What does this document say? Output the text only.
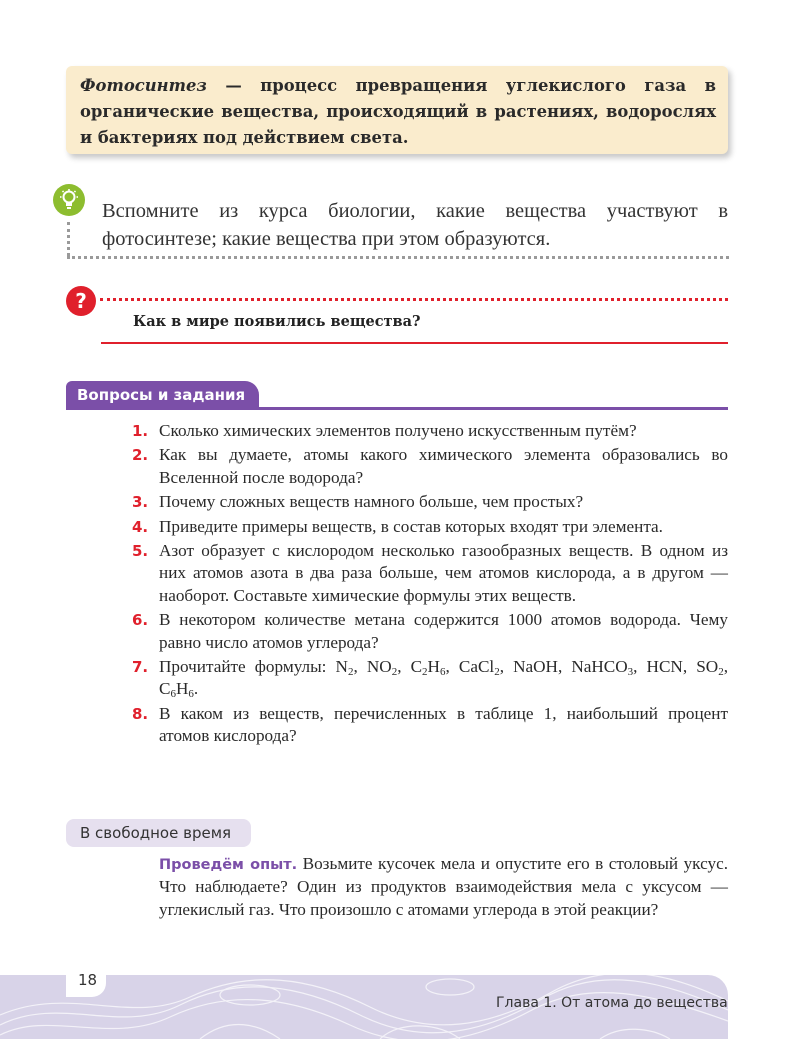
Фотосинтез — процесс превращения углекислого газа в органические вещества, происходящий в растениях, водорослях и бактериях под действием света.
Вспомните из курса биологии, какие вещества участвуют в фотосинтезе; какие вещества при этом образуются.
?
Как в мире появились вещества?
Вопросы и задания
1. Сколько химических элементов получено искусственным путём?
2. Как вы думаете, атомы какого химического элемента образовались во Вселенной после водорода?
3. Почему сложных веществ намного больше, чем простых?
4. Приведите примеры веществ, в состав которых входят три элемента.
5. Азот образует с кислородом несколько газообразных веществ. В одном из них атомов азота в два раза больше, чем атомов кислорода, а в другом — наоборот. Составьте химические формулы этих веществ.
6. В некотором количестве метана содержится 1000 атомов водорода. Чему равно число атомов углерода?
7. Прочитайте формулы: $N_2$, $NO_2$, $C_2H_6$, CaCl$_2$, NaOH, NaHCO$_3$, HCN, $SO_2$, $C_6H_6$.
8. В каком из веществ, перечисленных в таблице 1, наибольший процент атомов кислорода?
В свободное время
Проведём опыт. Возьмите кусочек мела и опустите его в столовый уксус. Что наблюдаете? Один из продуктов взаимодействия мела с уксусом — углекислый газ. Что произошло с атомами углерода в этой реакции?
18
Глава 1. От атома до вещества
